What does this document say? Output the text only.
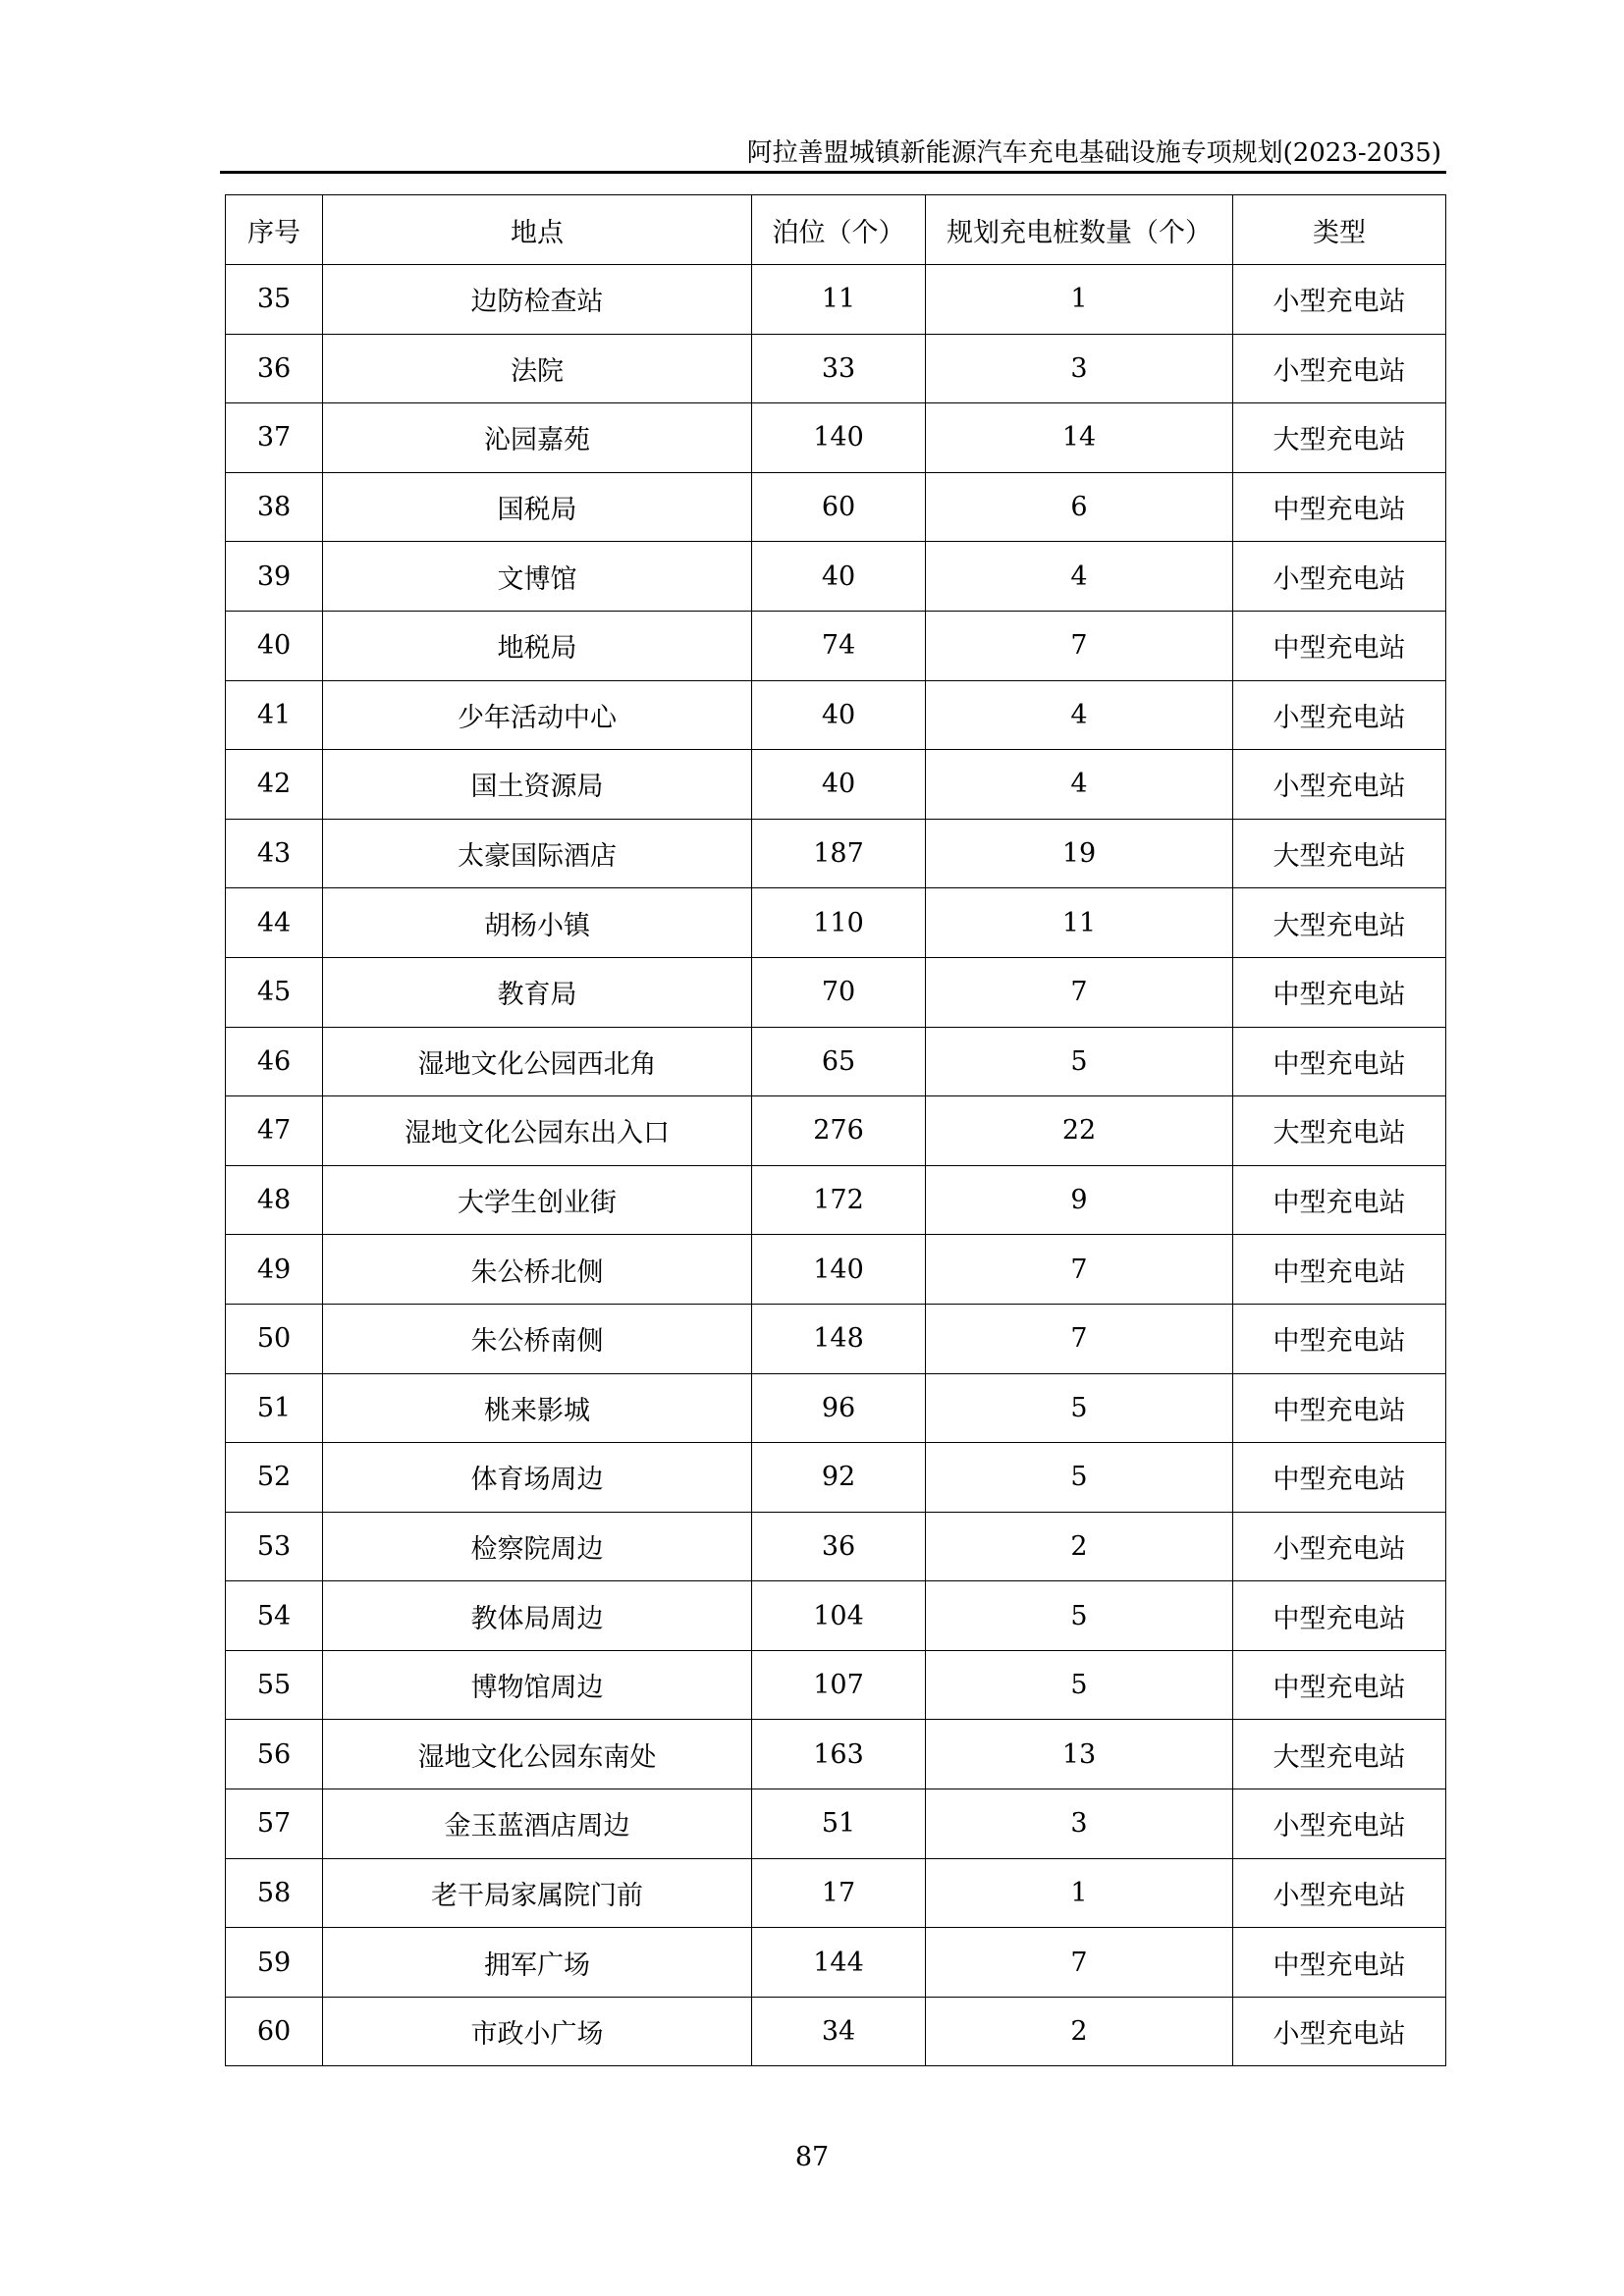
阿拉善盟城镇新能源汽车充电基础设施专项规划(2023-2035)
序号	地点	泊位（个）	规划充电桩数量（个）	类型
35	边防检查站	11	1	小型充电站
36	法院	33	3	小型充电站
37	沁园嘉苑	140	14	大型充电站
38	国税局	60	6	中型充电站
39	文博馆	40	4	小型充电站
40	地税局	74	7	中型充电站
41	少年活动中心	40	4	小型充电站
42	国土资源局	40	4	小型充电站
43	太豪国际酒店	187	19	大型充电站
44	胡杨小镇	110	11	大型充电站
45	教育局	70	7	中型充电站
46	湿地文化公园西北角	65	5	中型充电站
47	湿地文化公园东出入口	276	22	大型充电站
48	大学生创业街	172	9	中型充电站
49	朱公桥北侧	140	7	中型充电站
50	朱公桥南侧	148	7	中型充电站
51	桃来影城	96	5	中型充电站
52	体育场周边	92	5	中型充电站
53	检察院周边	36	2	小型充电站
54	教体局周边	104	5	中型充电站
55	博物馆周边	107	5	中型充电站
56	湿地文化公园东南处	163	13	大型充电站
57	金玉蓝酒店周边	51	3	小型充电站
58	老干局家属院门前	17	1	小型充电站
59	拥军广场	144	7	中型充电站
60	市政小广场	34	2	小型充电站
87
